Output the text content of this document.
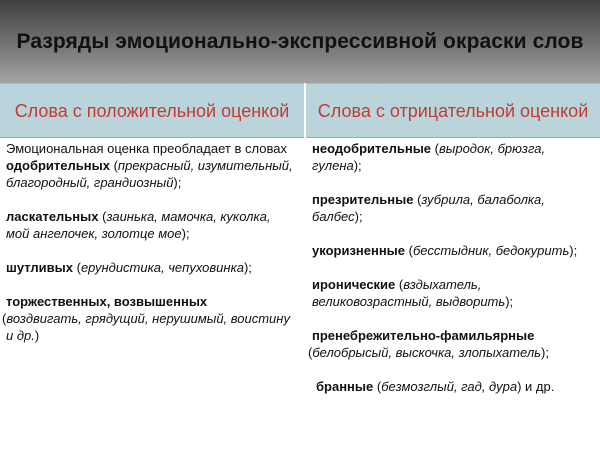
Разряды эмоционально-экспрессивной окраски слов
Слова с положительной оценкой	Слова с отрицательной оценкой

Эмоциональная оценка преобладает в словах
одобрительных (прекрасный, изумительный, благородный, грандиозный);

ласкательных (заинька, мамочка, куколка, мой ангелочек, золотце мое);

шутливых (ерундистика, чепуховинка);

торжественных, возвышенных
(воздвигать, грядущий, нерушимый, воистину и др.)

неодобрительные (выродок, брюзга, гулена);

презрительные (зубрила, балаболка, балбес);

укоризненные (бесстыдник, бедокурить);

иронические (вздыхатель, великовозрастный, выдворить);

пренебрежительно-фамильярные
(белобрысый, выскочка, злопыхатель);

бранные (безмозглый, гад, дура) и др.
